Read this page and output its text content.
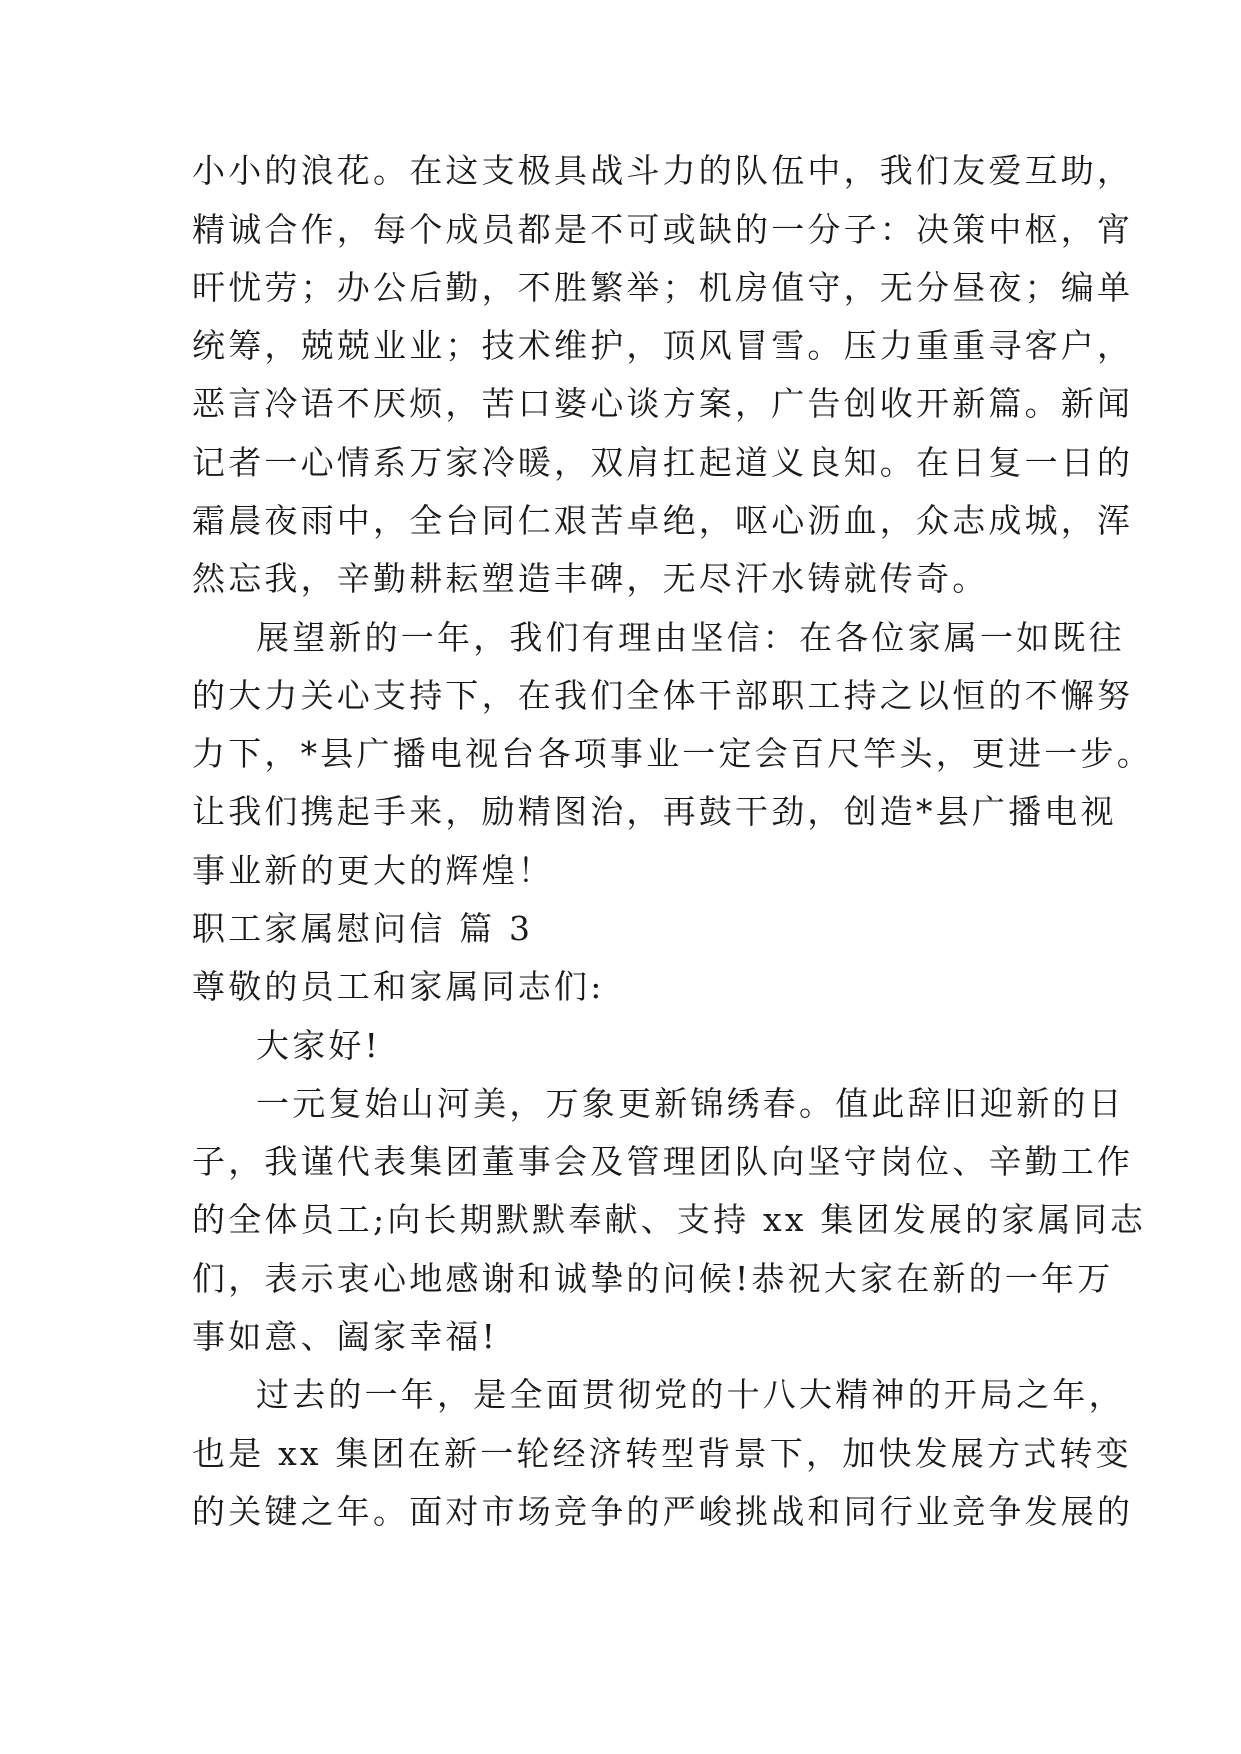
小小的浪花。在这支极具战斗力的队伍中，我们友爱互助，
精诚合作，每个成员都是不可或缺的一分子：决策中枢，宵
旰忧劳；办公后勤，不胜繁举；机房值守，无分昼夜；编单
统筹，兢兢业业；技术维护，顶风冒雪。压力重重寻客户，
恶言冷语不厌烦，苦口婆心谈方案，广告创收开新篇。新闻
记者一心情系万家冷暖，双肩扛起道义良知。在日复一日的
霜晨夜雨中，全台同仁艰苦卓绝，呕心沥血，众志成城，浑
然忘我，辛勤耕耘塑造丰碑，无尽汗水铸就传奇。
展望新的一年，我们有理由坚信：在各位家属一如既往
的大力关心支持下，在我们全体干部职工持之以恒的不懈努
力下，*县广播电视台各项事业一定会百尺竿头，更进一步。
让我们携起手来，励精图治，再鼓干劲，创造*县广播电视
事业新的更大的辉煌！
职工家属慰问信 篇 3
尊敬的员工和家属同志们:
大家好!
一元复始山河美，万象更新锦绣春。值此辞旧迎新的日
子，我谨代表集团董事会及管理团队向坚守岗位、辛勤工作
的全体员工;向长期默默奉献、支持 xx 集团发展的家属同志
们，表示衷心地感谢和诚挚的问候!恭祝大家在新的一年万
事如意、阖家幸福!
过去的一年，是全面贯彻党的十八大精神的开局之年，
也是 xx 集团在新一轮经济转型背景下，加快发展方式转变
的关键之年。面对市场竞争的严峻挑战和同行业竞争发展的
